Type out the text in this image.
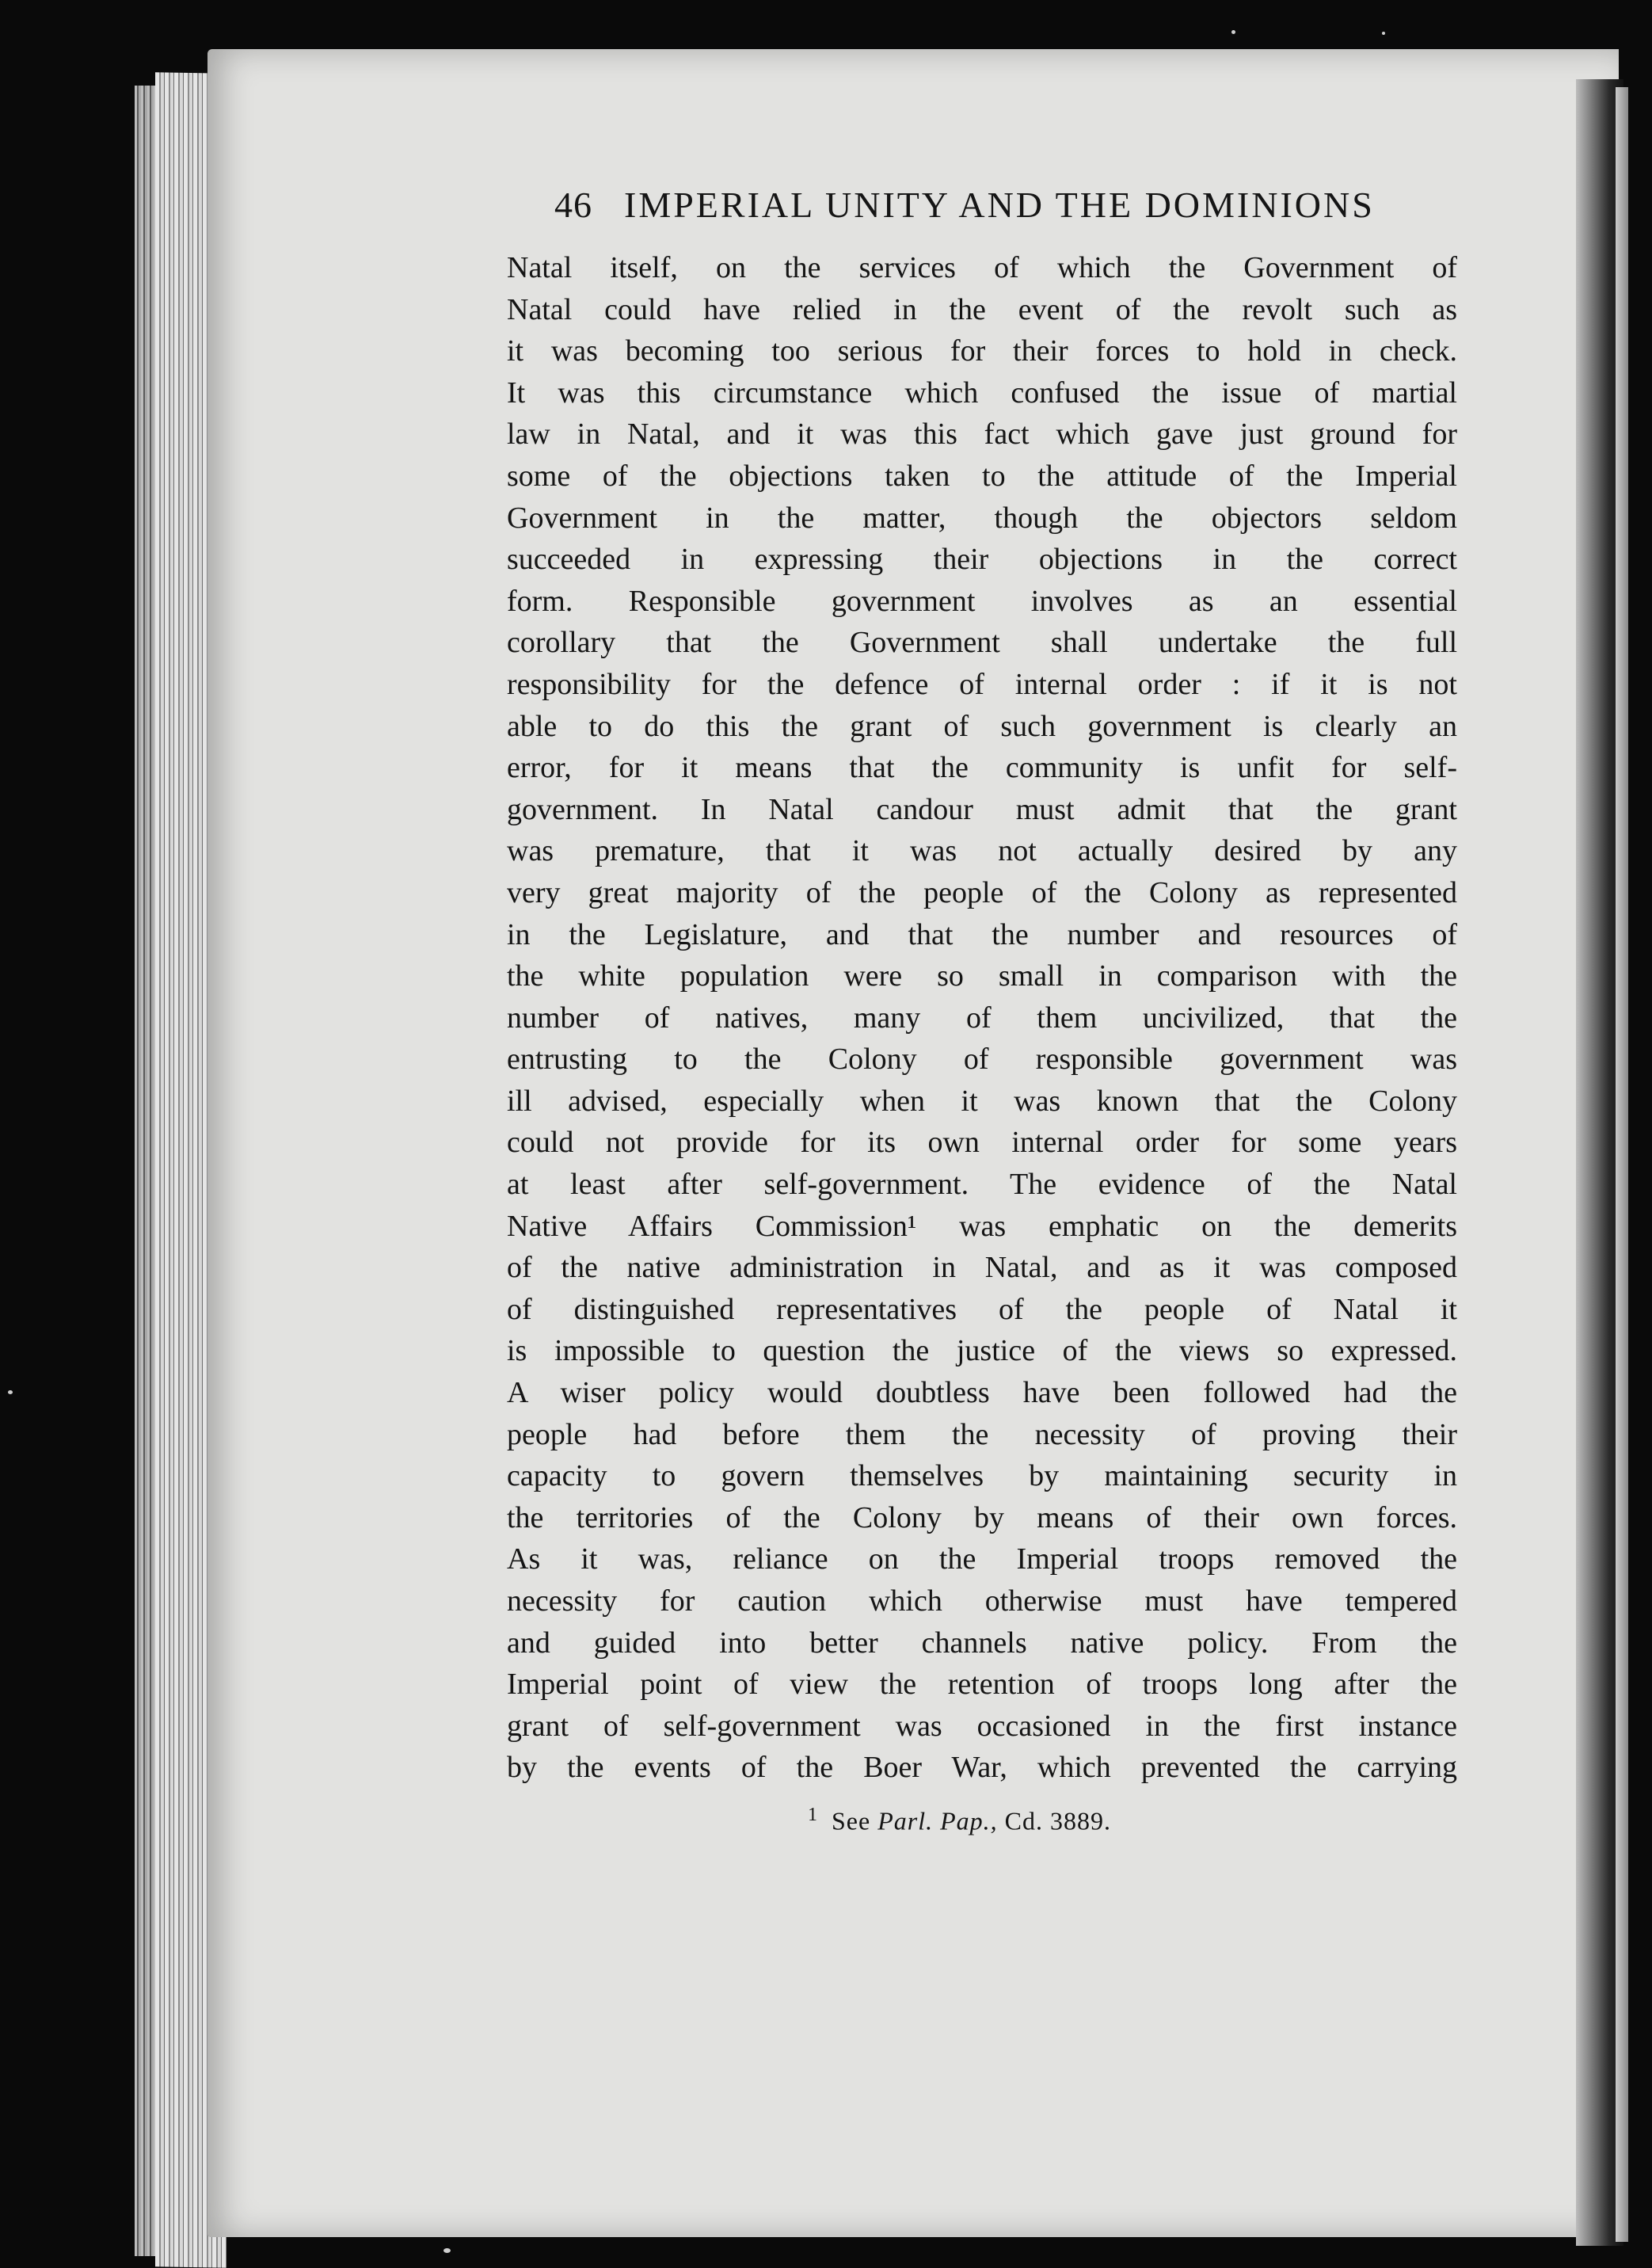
46 IMPERIAL UNITY AND THE DOMINIONS
Natal itself, on the services of which the Government of
Natal could have relied in the event of the revolt such as
it was becoming too serious for their forces to hold in check.
It was this circumstance which confused the issue of martial
law in Natal, and it was this fact which gave just ground for
some of the objections taken to the attitude of the Imperial
Government in the matter, though the objectors seldom
succeeded in expressing their objections in the correct
form. Responsible government involves as an essential
corollary that the Government shall undertake the full
responsibility for the defence of internal order : if it is not
able to do this the grant of such government is clearly an
error, for it means that the community is unfit for self-
government. In Natal candour must admit that the grant
was premature, that it was not actually desired by any
very great majority of the people of the Colony as represented
in the Legislature, and that the number and resources of
the white population were so small in comparison with the
number of natives, many of them uncivilized, that the
entrusting to the Colony of responsible government was
ill advised, especially when it was known that the Colony
could not provide for its own internal order for some years
at least after self-government. The evidence of the Natal
Native Affairs Commission¹ was emphatic on the demerits
of the native administration in Natal, and as it was composed
of distinguished representatives of the people of Natal it
is impossible to question the justice of the views so expressed.
A wiser policy would doubtless have been followed had the
people had before them the necessity of proving their
capacity to govern themselves by maintaining security in
the territories of the Colony by means of their own forces.
As it was, reliance on the Imperial troops removed the
necessity for caution which otherwise must have tempered
and guided into better channels native policy. From the
Imperial point of view the retention of troops long after the
grant of self-government was occasioned in the first instance
by the events of the Boer War, which prevented the carrying
$^1$ See Parl. Pap., Cd. 3889.
